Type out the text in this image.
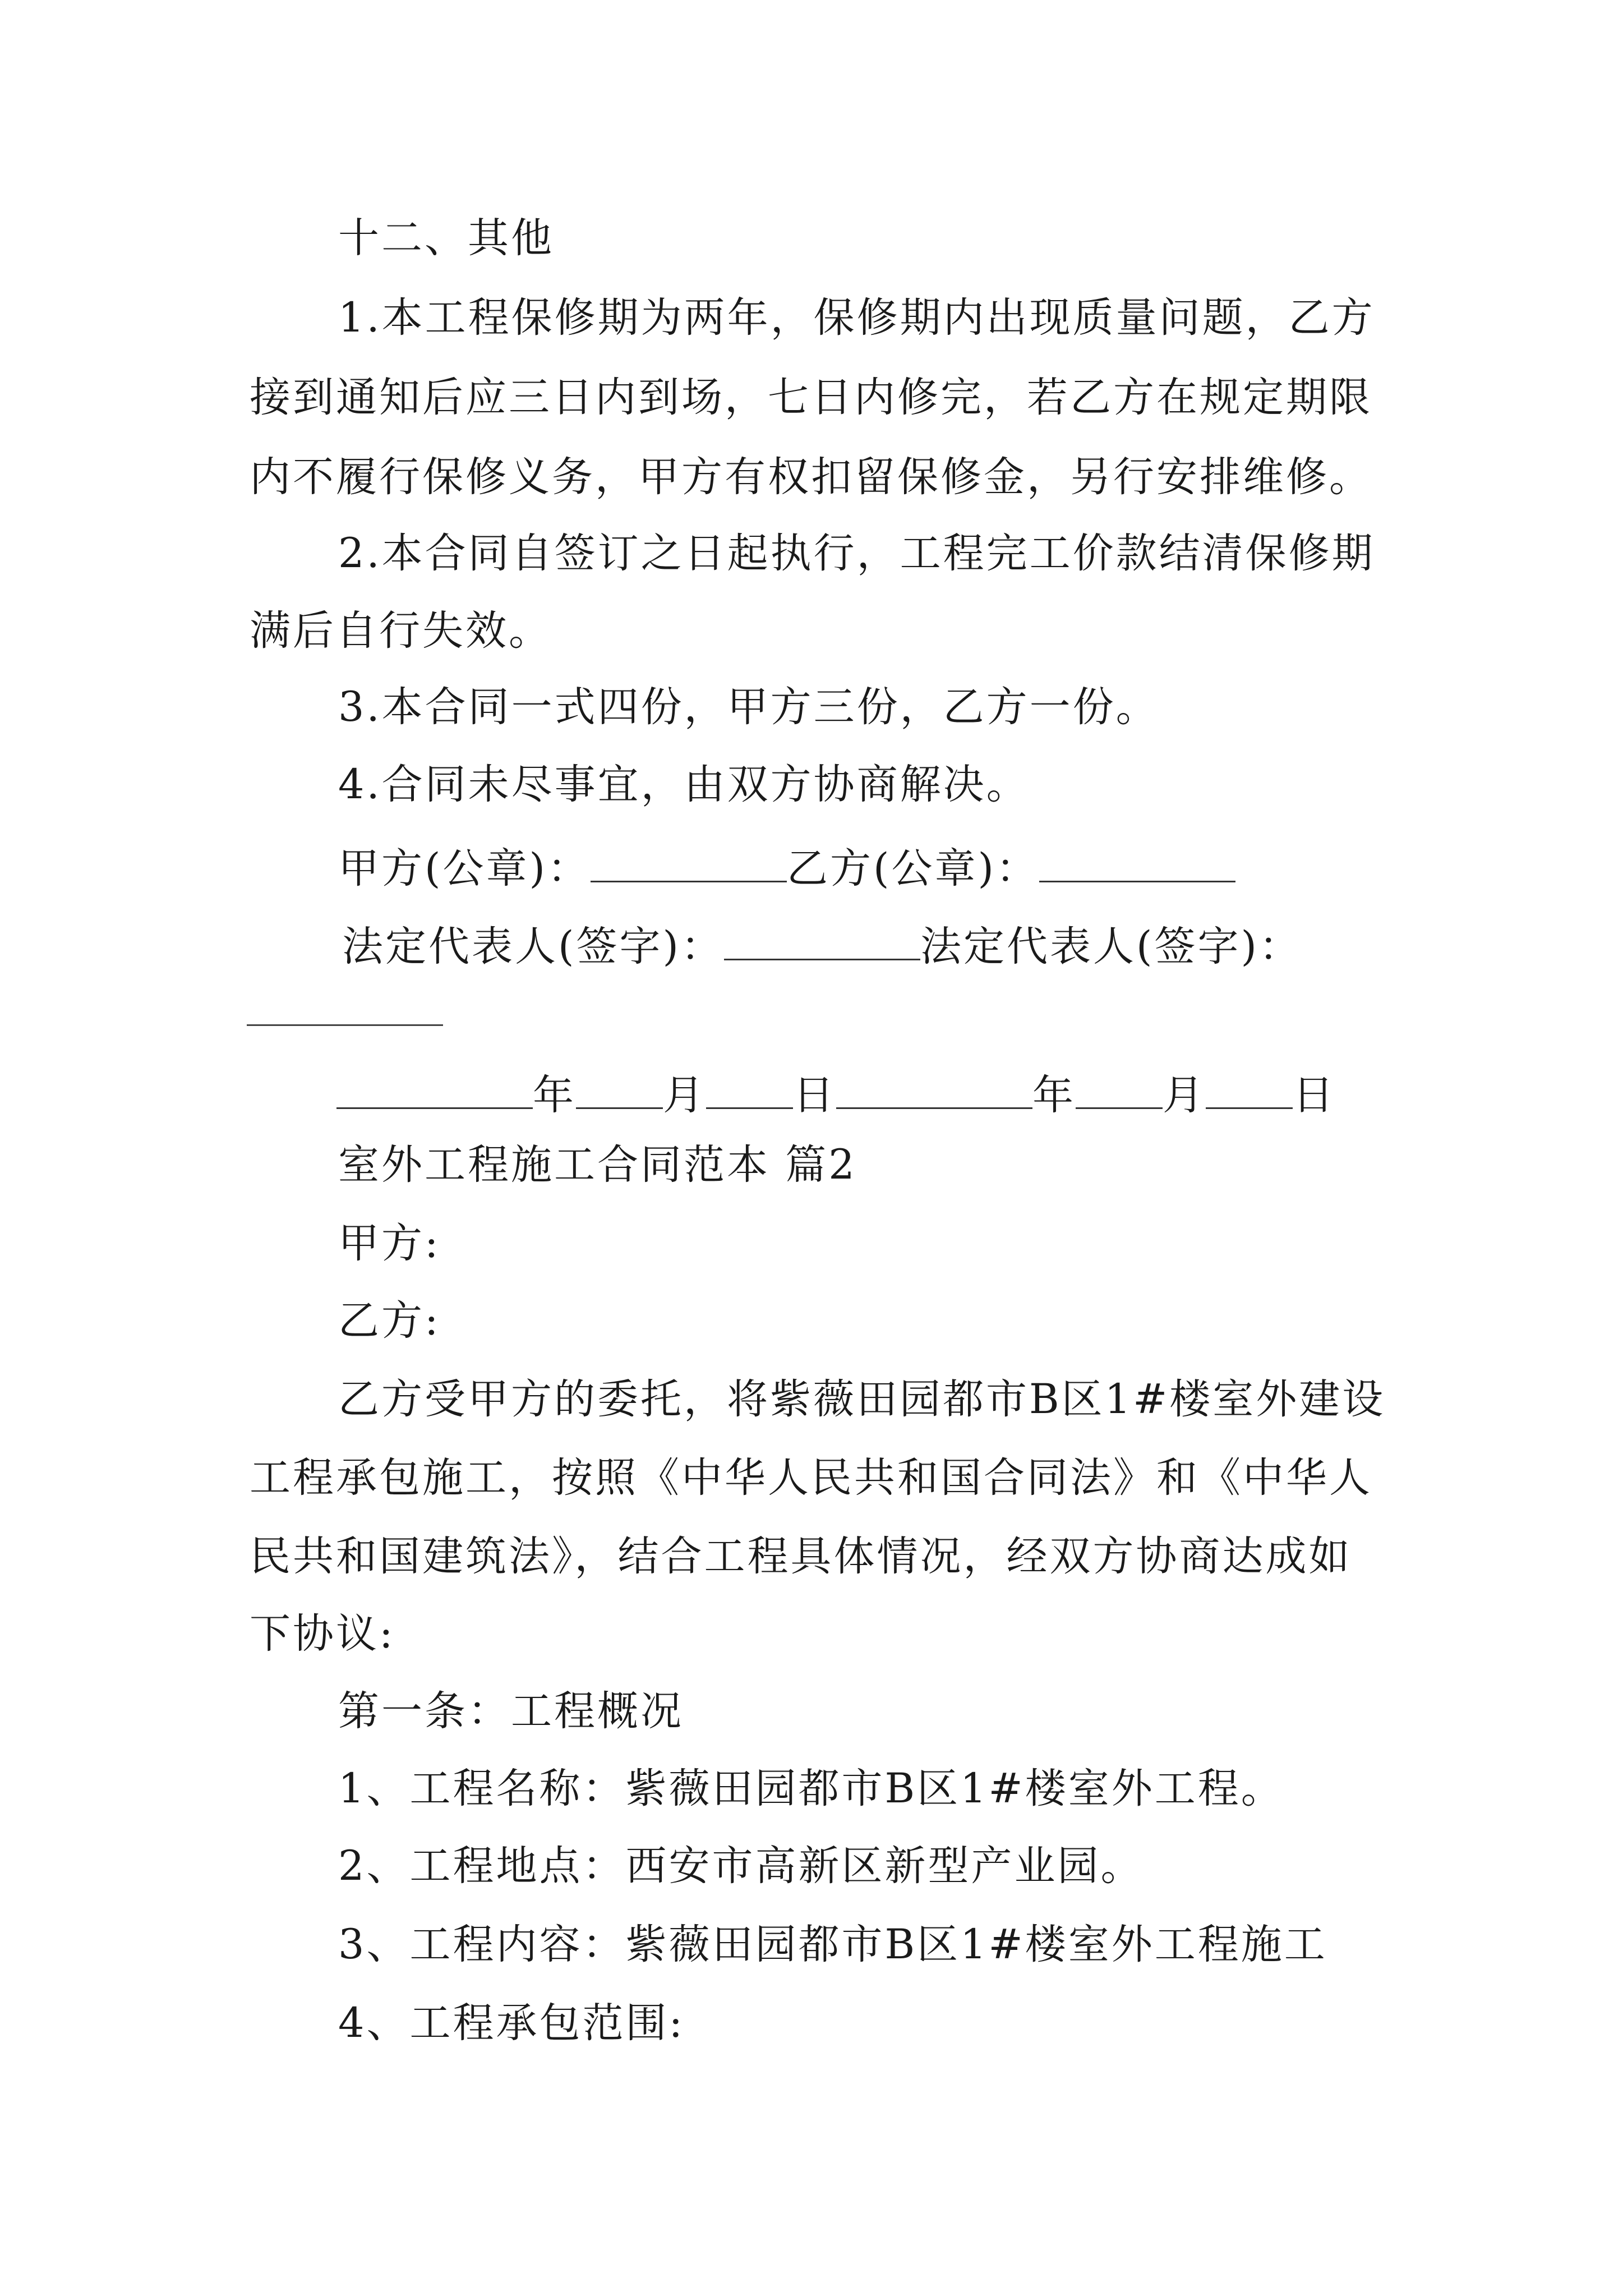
十二、其他
1.本工程保修期为两年，保修期内出现质量问题，乙方
接到通知后应三日内到场，七日内修完，若乙方在规定期限
内不履行保修义务，甲方有权扣留保修金，另行安排维修。
2.本合同自签订之日起执行，工程完工价款结清保修期
满后自行失效。
3.本合同一式四份，甲方三份，乙方一份。
4.合同未尽事宜，由双方协商解决。
甲方(公章)：	乙方(公章)：
法定代表人(签字)：	法定代表人(签字)：
年 月 日	年 月 日
室外工程施工合同范本 篇2
甲方:
乙方:
乙方受甲方的委托，将紫薇田园都市B区1#楼室外建设
工程承包施工，按照《中华人民共和国合同法》和《中华人
民共和国建筑法》，结合工程具体情况，经双方协商达成如
下协议:
第一条：工程概况
1、工程名称：紫薇田园都市B区1#楼室外工程。
2、工程地点：西安市高新区新型产业园。
3、工程内容：紫薇田园都市B区1#楼室外工程施工
4、工程承包范围:
